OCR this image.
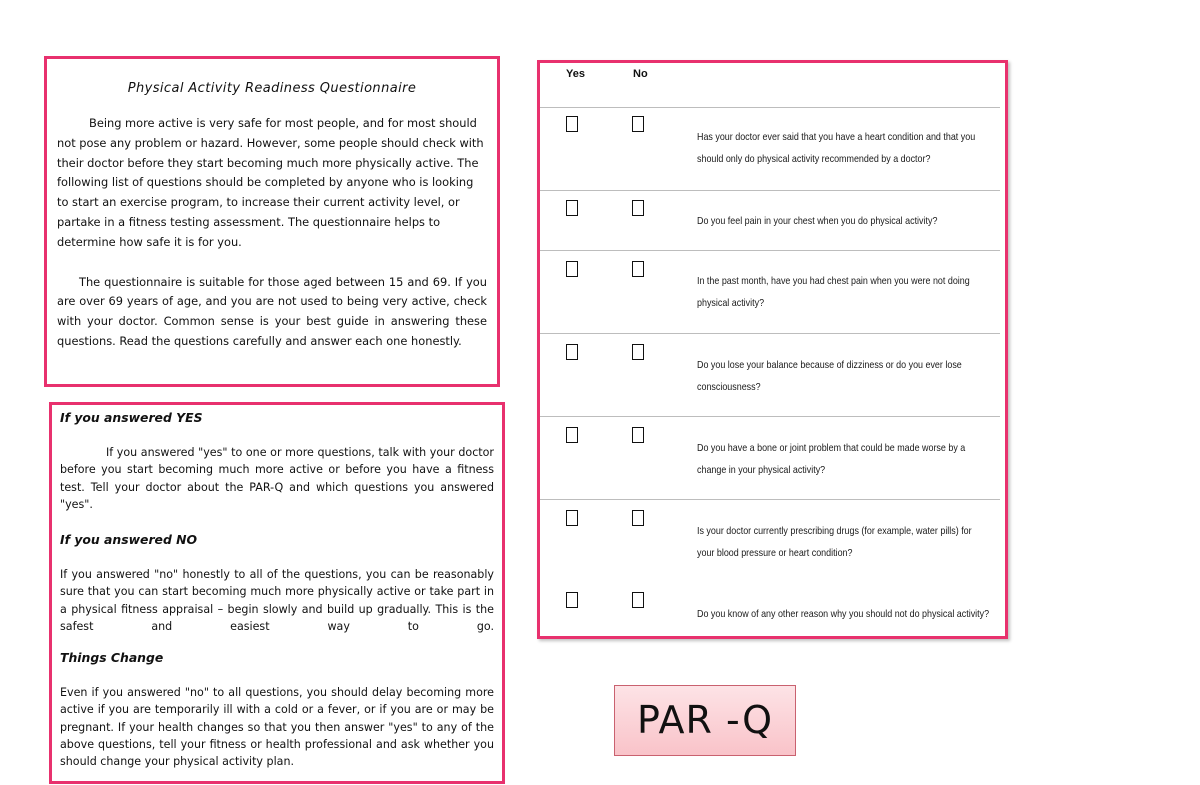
Physical Activity Readiness Questionnaire

Being more active is very safe for most people, and for most should not pose any problem or hazard. However, some people should check with their doctor before they start becoming much more physically active. The following list of questions should be completed by anyone who is looking to start an exercise program, to increase their current activity level, or partake in a fitness testing assessment. The questionnaire helps to determine how safe it is for you.

The questionnaire is suitable for those aged between 15 and 69. If you are over 69 years of age, and you are not used to being very active, check with your doctor. Common sense is your best guide in answering these questions. Read the questions carefully and answer each one honestly.

If you answered YES

If you answered "yes" to one or more questions, talk with your doctor before you start becoming much more active or before you have a fitness test. Tell your doctor about the PAR-Q and which questions you answered "yes".

If you answered NO

If you answered "no" honestly to all of the questions, you can be reasonably sure that you can start becoming much more physically active or take part in a physical fitness appraisal – begin slowly and build up gradually. This is the safest and easiest way to go.

Things Change

Even if you answered "no" to all questions, you should delay becoming more active if you are temporarily ill with a cold or a fever, or if you are or may be pregnant. If your health changes so that you then answer "yes" to any of the above questions, tell your fitness or health professional and ask whether you should change your physical activity plan.

Yes	No
Has your doctor ever said that you have a heart condition and that you
should only do physical activity recommended by a doctor?
Do you feel pain in your chest when you do physical activity?
In the past month, have you had chest pain when you were not doing
physical activity?
Do you lose your balance because of dizziness or do you ever lose
consciousness?
Do you have a bone or joint problem that could be made worse by a
change in your physical activity?
Is your doctor currently prescribing drugs (for example, water pills) for
your blood pressure or heart condition?
Do you know of any other reason why you should not do physical activity?
PAR -Q
